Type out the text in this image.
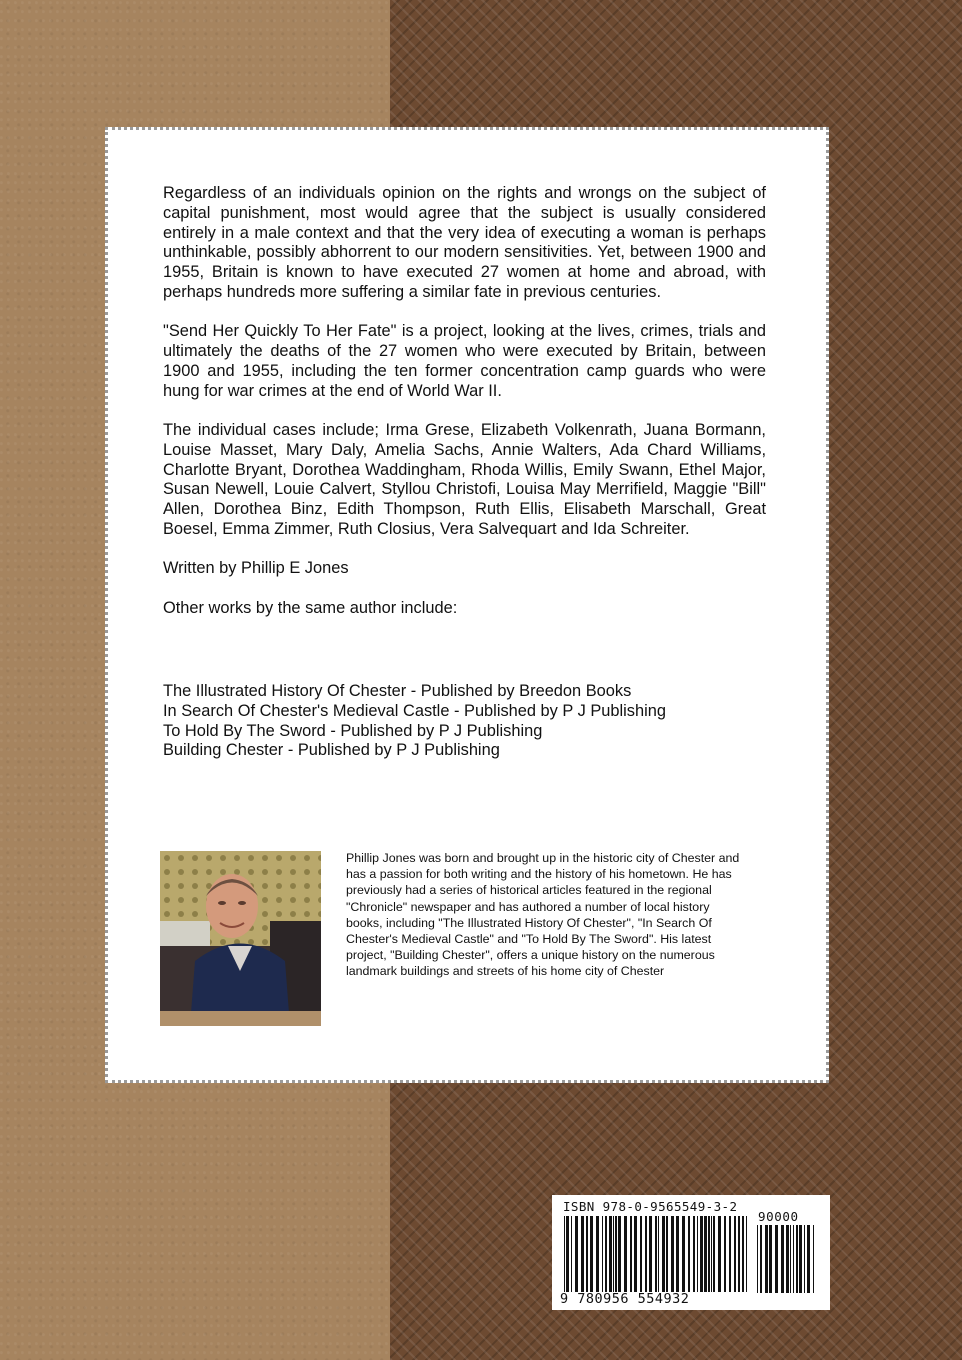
Regardless of an individuals opinion on the rights and wrongs on the subject of capital punishment, most would agree that the subject is usually considered entirely in a male context and that the very idea of executing a woman is perhaps unthinkable, possibly abhorrent to our modern sensitivities. Yet, between 1900 and 1955, Britain is known to have executed 27 women at home and abroad, with perhaps hundreds more suffering a similar fate in previous centuries.

"Send Her Quickly To Her Fate" is a project, looking at the lives, crimes, trials and ultimately the deaths of the 27 women who were executed by Britain, between 1900 and 1955, including the ten former concentration camp guards who were hung for war crimes at the end of World War II.

The individual cases include; Irma Grese, Elizabeth Volkenrath, Juana Bormann, Louise Masset, Mary Daly, Amelia Sachs, Annie Walters, Ada Chard Williams, Charlotte Bryant, Dorothea Waddingham, Rhoda Willis, Emily Swann, Ethel Major, Susan Newell, Louie Calvert, Styllou Christofi, Louisa May Merrifield, Maggie "Bill" Allen, Dorothea Binz, Edith Thompson, Ruth Ellis, Elisabeth Marschall, Great Boesel, Emma Zimmer, Ruth Closius, Vera Salvequart and Ida Schreiter.

Written by Phillip E Jones

Other works by the same author include:

The Illustrated History Of Chester - Published by Breedon Books
In Search Of Chester's Medieval Castle - Published by P J Publishing
To Hold By The Sword - Published by P J Publishing
Building Chester - Published by P J Publishing
Phillip Jones was born and brought up in the historic city of Chester and has a passion for both writing and the history of his hometown. He has previously had a series of historical articles featured in the regional "Chronicle" newspaper and has authored a number of local history books, including "The Illustrated History Of Chester", "In Search Of Chester's Medieval Castle" and "To Hold By The Sword". His latest project, "Building Chester", offers a unique history on the numerous landmark buildings and streets of his home city of Chester
ISBN 978-0-9565549-3-2
90000
9 780956 554932
